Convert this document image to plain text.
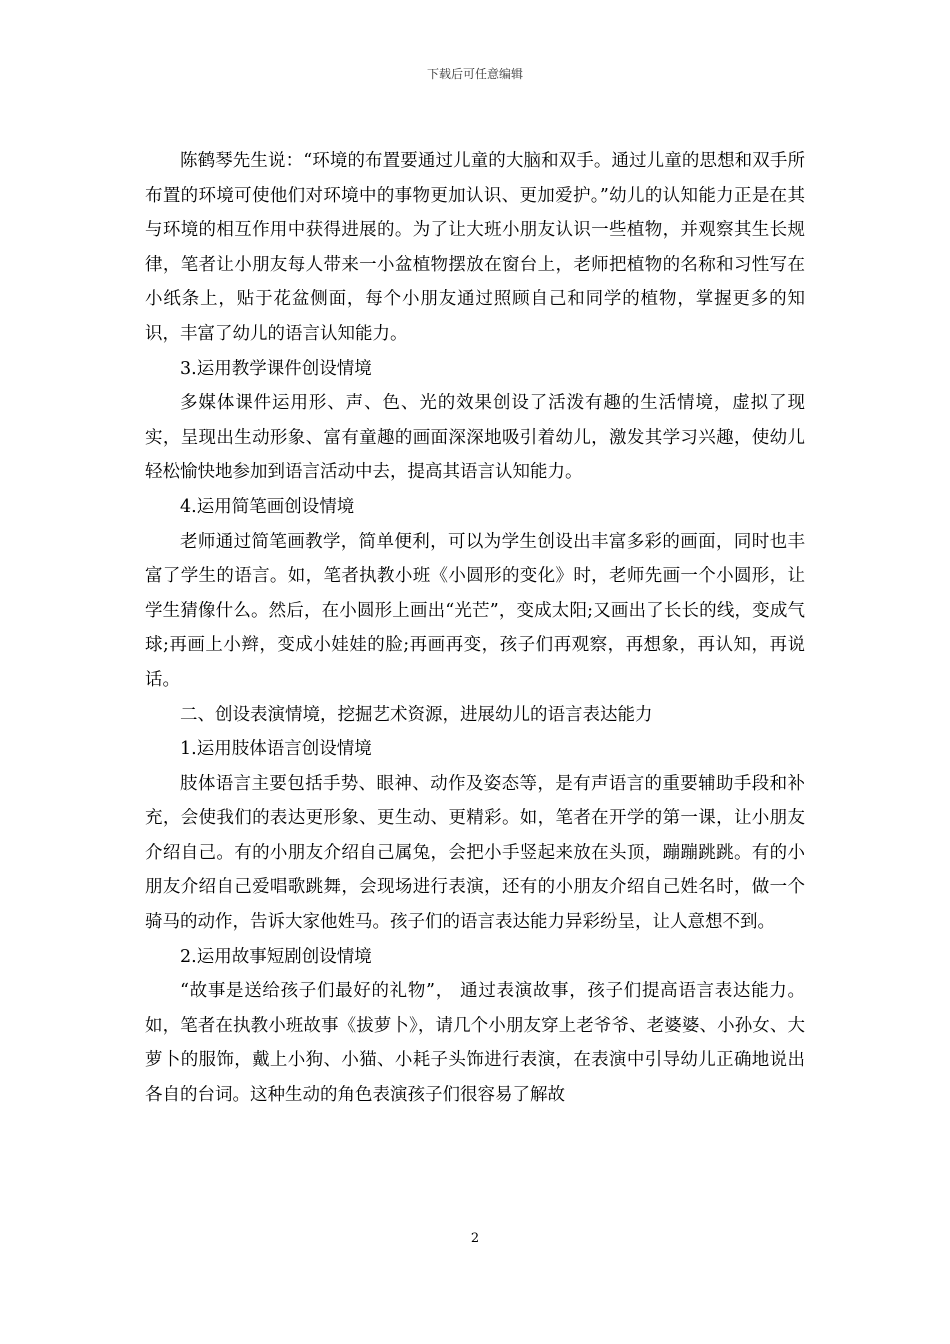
下载后可任意编辑

陈鹤琴先生说：“环境的布置要通过儿童的大脑和双手。通过儿童的思想和双手所布置的环境可使他们对环境中的事物更加认识、更加爱护。”幼儿的认知能力正是在其与环境的相互作用中获得进展的。为了让大班小朋友认识一些植物，并观察其生长规律，笔者让小朋友每人带来一小盆植物摆放在窗台上，老师把植物的名称和习性写在小纸条上，贴于花盆侧面，每个小朋友通过照顾自己和同学的植物，掌握更多的知识，丰富了幼儿的语言认知能力。

3.运用教学课件创设情境

多媒体课件运用形、声、色、光的效果创设了活泼有趣的生活情境，虚拟了现实，呈现出生动形象、富有童趣的画面深深地吸引着幼儿，激发其学习兴趣，使幼儿轻松愉快地参加到语言活动中去，提高其语言认知能力。

4.运用简笔画创设情境

老师通过简笔画教学，简单便利，可以为学生创设出丰富多彩的画面，同时也丰富了学生的语言。如，笔者执教小班《小圆形的变化》时，老师先画一个小圆形，让学生猜像什么。然后，在小圆形上画出“光芒”，变成太阳;又画出了长长的线，变成气球;再画上小辫，变成小娃娃的脸;再画再变，孩子们再观察，再想象，再认知，再说话。

二、创设表演情境，挖掘艺术资源，进展幼儿的语言表达能力

1.运用肢体语言创设情境

肢体语言主要包括手势、眼神、动作及姿态等，是有声语言的重要辅助手段和补充，会使我们的表达更形象、更生动、更精彩。如，笔者在开学的第一课，让小朋友介绍自己。有的小朋友介绍自己属兔，会把小手竖起来放在头顶，蹦蹦跳跳。有的小朋友介绍自己爱唱歌跳舞，会现场进行表演，还有的小朋友介绍自己姓名时，做一个骑马的动作，告诉大家他姓马。孩子们的语言表达能力异彩纷呈，让人意想不到。

2.运用故事短剧创设情境

“故事是送给孩子们最好的礼物”， 通过表演故事，孩子们提高语言表达能力。如，笔者在执教小班故事《拔萝卜》，请几个小朋友穿上老爷爷、老婆婆、小孙女、大萝卜的服饰，戴上小狗、小猫、小耗子头饰进行表演，在表演中引导幼儿正确地说出各自的台词。这种生动的角色表演孩子们很容易了解故

2
